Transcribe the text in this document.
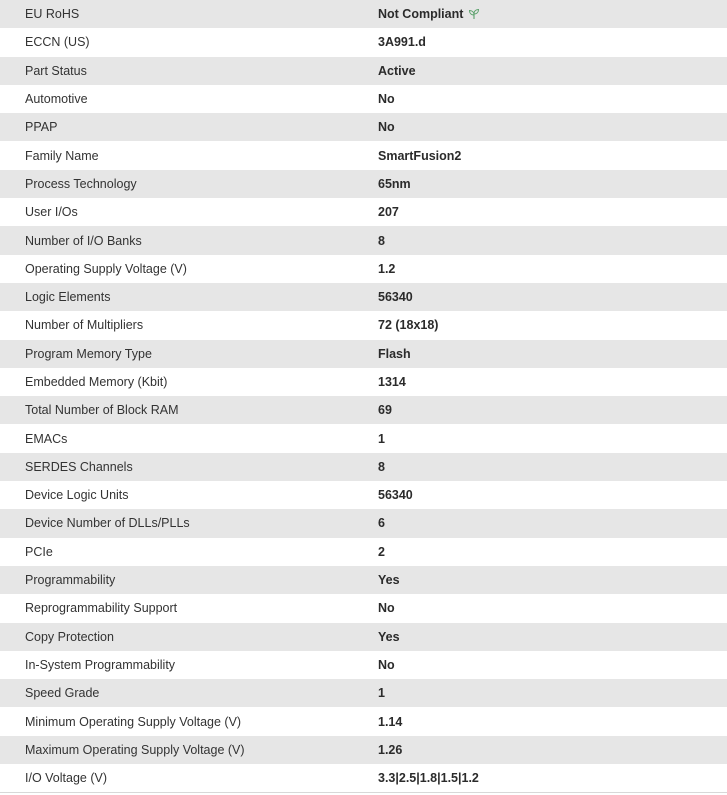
EU RoHS	Not Compliant
ECCN (US)	3A991.d
Part Status	Active
Automotive	No
PPAP	No
Family Name	SmartFusion2
Process Technology	65nm
User I/Os	207
Number of I/O Banks	8
Operating Supply Voltage (V)	1.2
Logic Elements	56340
Number of Multipliers	72 (18x18)
Program Memory Type	Flash
Embedded Memory (Kbit)	1314
Total Number of Block RAM	69
EMACs	1
SERDES Channels	8
Device Logic Units	56340
Device Number of DLLs/PLLs	6
PCIe	2
Programmability	Yes
Reprogrammability Support	No
Copy Protection	Yes
In-System Programmability	No
Speed Grade	1
Minimum Operating Supply Voltage (V)	1.14
Maximum Operating Supply Voltage (V)	1.26
I/O Voltage (V)	3.3|2.5|1.8|1.5|1.2
